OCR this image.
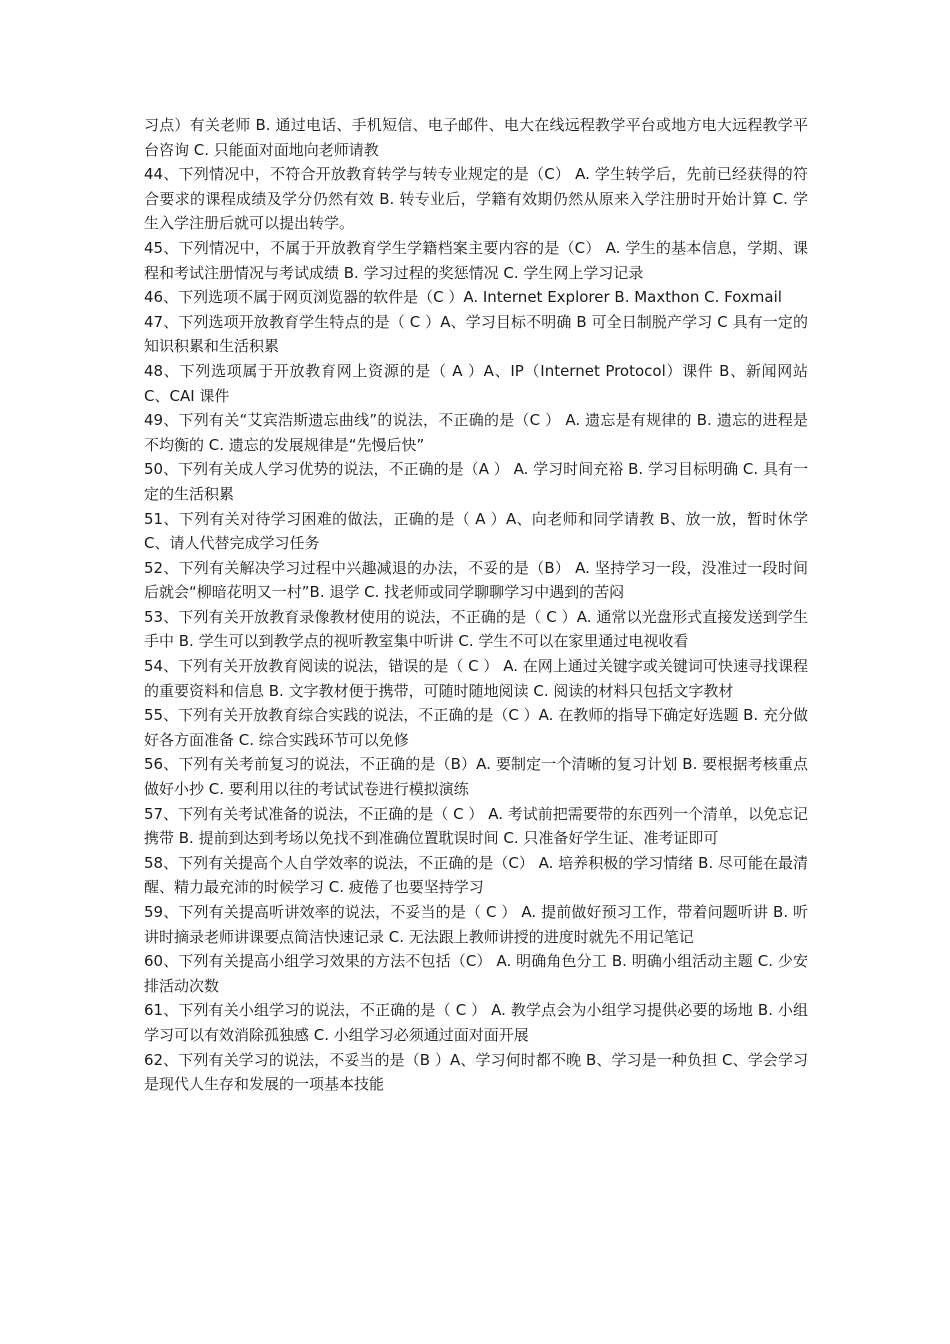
习点）有关老师 B. 通过电话、手机短信、电子邮件、电大在线远程教学平台或地方电大远程教学平台咨询 C. 只能面对面地向老师请教

44、下列情况中，不符合开放教育转学与转专业规定的是（C） A. 学生转学后，先前已经获得的符合要求的课程成绩及学分仍然有效 B. 转专业后，学籍有效期仍然从原来入学注册时开始计算 C. 学生入学注册后就可以提出转学。

45、下列情况中，不属于开放教育学生学籍档案主要内容的是（C） A. 学生的基本信息，学期、课程和考试注册情况与考试成绩 B. 学习过程的奖惩情况 C. 学生网上学习记录

46、下列选项不属于网页浏览器的软件是（C ）A. Internet Explorer B. Maxthon C. Foxmail

47、下列选项开放教育学生特点的是（ C ）A、学习目标不明确 B 可全日制脱产学习 C 具有一定的知识积累和生活积累

48、下列选项属于开放教育网上资源的是（ A ）A、IP（Internet Protocol）课件 B、新闻网站 C、CAI 课件

49、下列有关“艾宾浩斯遗忘曲线”的说法，不正确的是（C ） A. 遗忘是有规律的 B. 遗忘的进程是不均衡的 C. 遗忘的发展规律是“先慢后快”

50、下列有关成人学习优势的说法，不正确的是（A ） A. 学习时间充裕 B. 学习目标明确 C. 具有一定的生活积累

51、下列有关对待学习困难的做法，正确的是（ A ）A、向老师和同学请教 B、放一放，暂时休学 C、请人代替完成学习任务

52、下列有关解决学习过程中兴趣减退的办法，不妥的是（B） A. 坚持学习一段，没准过一段时间后就会“柳暗花明又一村”B. 退学 C. 找老师或同学聊聊学习中遇到的苦闷

53、下列有关开放教育录像教材使用的说法，不正确的是（ C ）A. 通常以光盘形式直接发送到学生手中 B. 学生可以到教学点的视听教室集中听讲 C. 学生不可以在家里通过电视收看

54、下列有关开放教育阅读的说法，错误的是（ C ） A. 在网上通过关键字或关键词可快速寻找课程的重要资料和信息 B. 文字教材便于携带，可随时随地阅读 C. 阅读的材料只包括文字教材

55、下列有关开放教育综合实践的说法，不正确的是（C ）A. 在教师的指导下确定好选题 B. 充分做好各方面准备 C. 综合实践环节可以免修

56、下列有关考前复习的说法，不正确的是（B）A. 要制定一个清晰的复习计划 B. 要根据考核重点做好小抄 C. 要利用以往的考试试卷进行模拟演练

57、下列有关考试准备的说法，不正确的是（ C ） A. 考试前把需要带的东西列一个清单，以免忘记携带 B. 提前到达到考场以免找不到准确位置耽误时间 C. 只准备好学生证、准考证即可

58、下列有关提高个人自学效率的说法，不正确的是（C） A. 培养积极的学习情绪 B. 尽可能在最清醒、精力最充沛的时候学习 C. 疲倦了也要坚持学习

59、下列有关提高听讲效率的说法，不妥当的是（ C ） A. 提前做好预习工作，带着问题听讲 B. 听讲时摘录老师讲课要点简洁快速记录 C. 无法跟上教师讲授的进度时就先不用记笔记

60、下列有关提高小组学习效果的方法不包括（C） A. 明确角色分工 B. 明确小组活动主题 C. 少安排活动次数

61、下列有关小组学习的说法，不正确的是（ C ） A. 教学点会为小组学习提供必要的场地 B. 小组学习可以有效消除孤独感 C. 小组学习必须通过面对面开展

62、下列有关学习的说法，不妥当的是（B ）A、学习何时都不晚 B、学习是一种负担 C、学会学习是现代人生存和发展的一项基本技能
